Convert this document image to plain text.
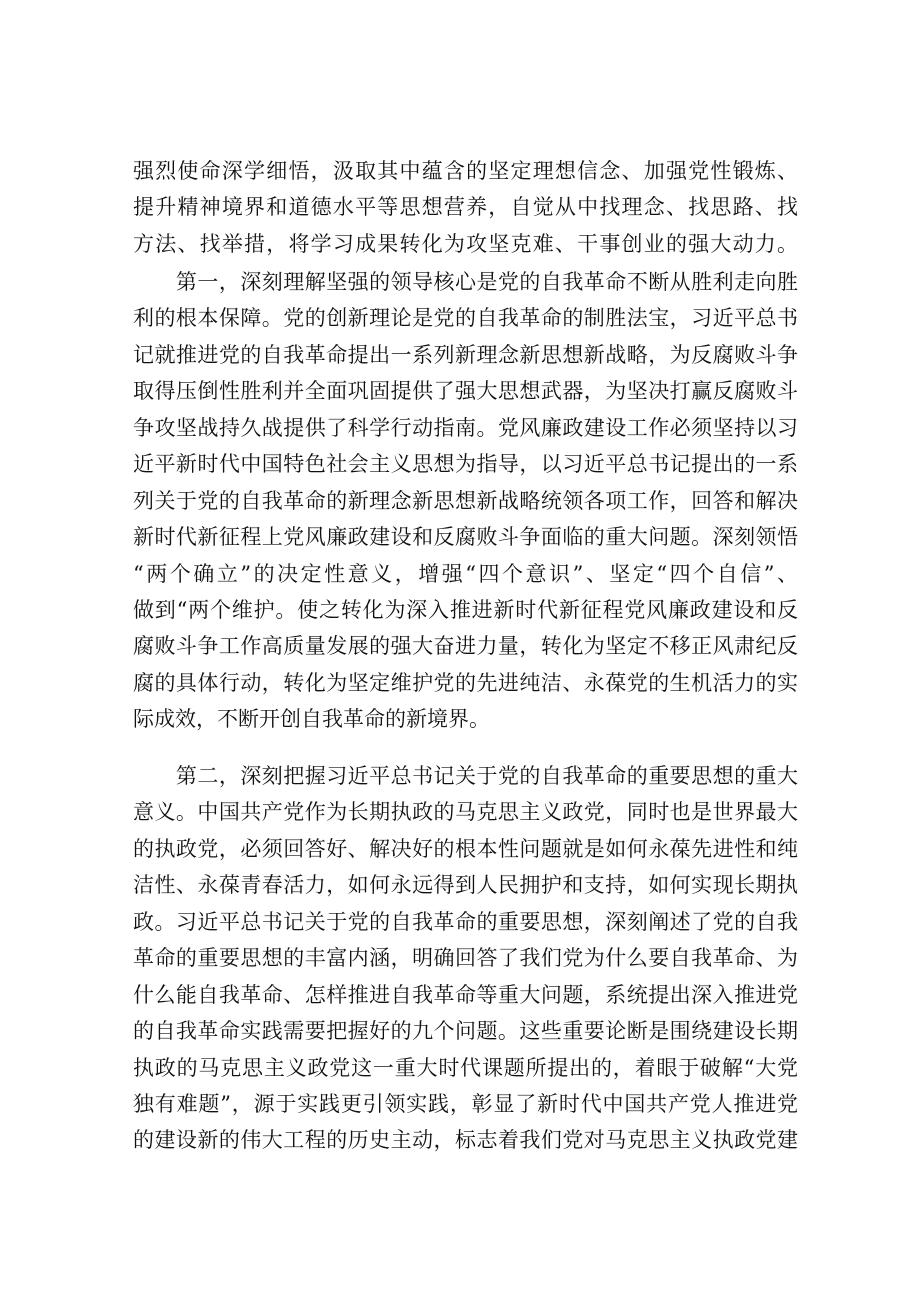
强烈使命深学细悟，汲取其中蕴含的坚定理想信念、加强党性锻炼、
提升精神境界和道德水平等思想营养，自觉从中找理念、找思路、找
方法、找举措，将学习成果转化为攻坚克难、干事创业的强大动力。
　　第一，深刻理解坚强的领导核心是党的自我革命不断从胜利走向胜
利的根本保障。党的创新理论是党的自我革命的制胜法宝，习近平总书
记就推进党的自我革命提出一系列新理念新思想新战略，为反腐败斗争
取得压倒性胜利并全面巩固提供了强大思想武器，为坚决打赢反腐败斗
争攻坚战持久战提供了科学行动指南。党风廉政建设工作必须坚持以习
近平新时代中国特色社会主义思想为指导，以习近平总书记提出的一系
列关于党的自我革命的新理念新思想新战略统领各项工作，回答和解决
新时代新征程上党风廉政建设和反腐败斗争面临的重大问题。深刻领悟
“两个确立”的决定性意义，增强“四个意识”、坚定“四个自信”、
做到“两个维护。使之转化为深入推进新时代新征程党风廉政建设和反
腐败斗争工作高质量发展的强大奋进力量，转化为坚定不移正风肃纪反
腐的具体行动，转化为坚定维护党的先进纯洁、永葆党的生机活力的实
际成效，不断开创自我革命的新境界。
　　第二，深刻把握习近平总书记关于党的自我革命的重要思想的重大
意义。中国共产党作为长期执政的马克思主义政党，同时也是世界最大
的执政党，必须回答好、解决好的根本性问题就是如何永葆先进性和纯
洁性、永葆青春活力，如何永远得到人民拥护和支持，如何实现长期执
政。习近平总书记关于党的自我革命的重要思想，深刻阐述了党的自我
革命的重要思想的丰富内涵，明确回答了我们党为什么要自我革命、为
什么能自我革命、怎样推进自我革命等重大问题，系统提出深入推进党
的自我革命实践需要把握好的九个问题。这些重要论断是围绕建设长期
执政的马克思主义政党这一重大时代课题所提出的，着眼于破解“大党
独有难题”，源于实践更引领实践，彰显了新时代中国共产党人推进党
的建设新的伟大工程的历史主动，标志着我们党对马克思主义执政党建
